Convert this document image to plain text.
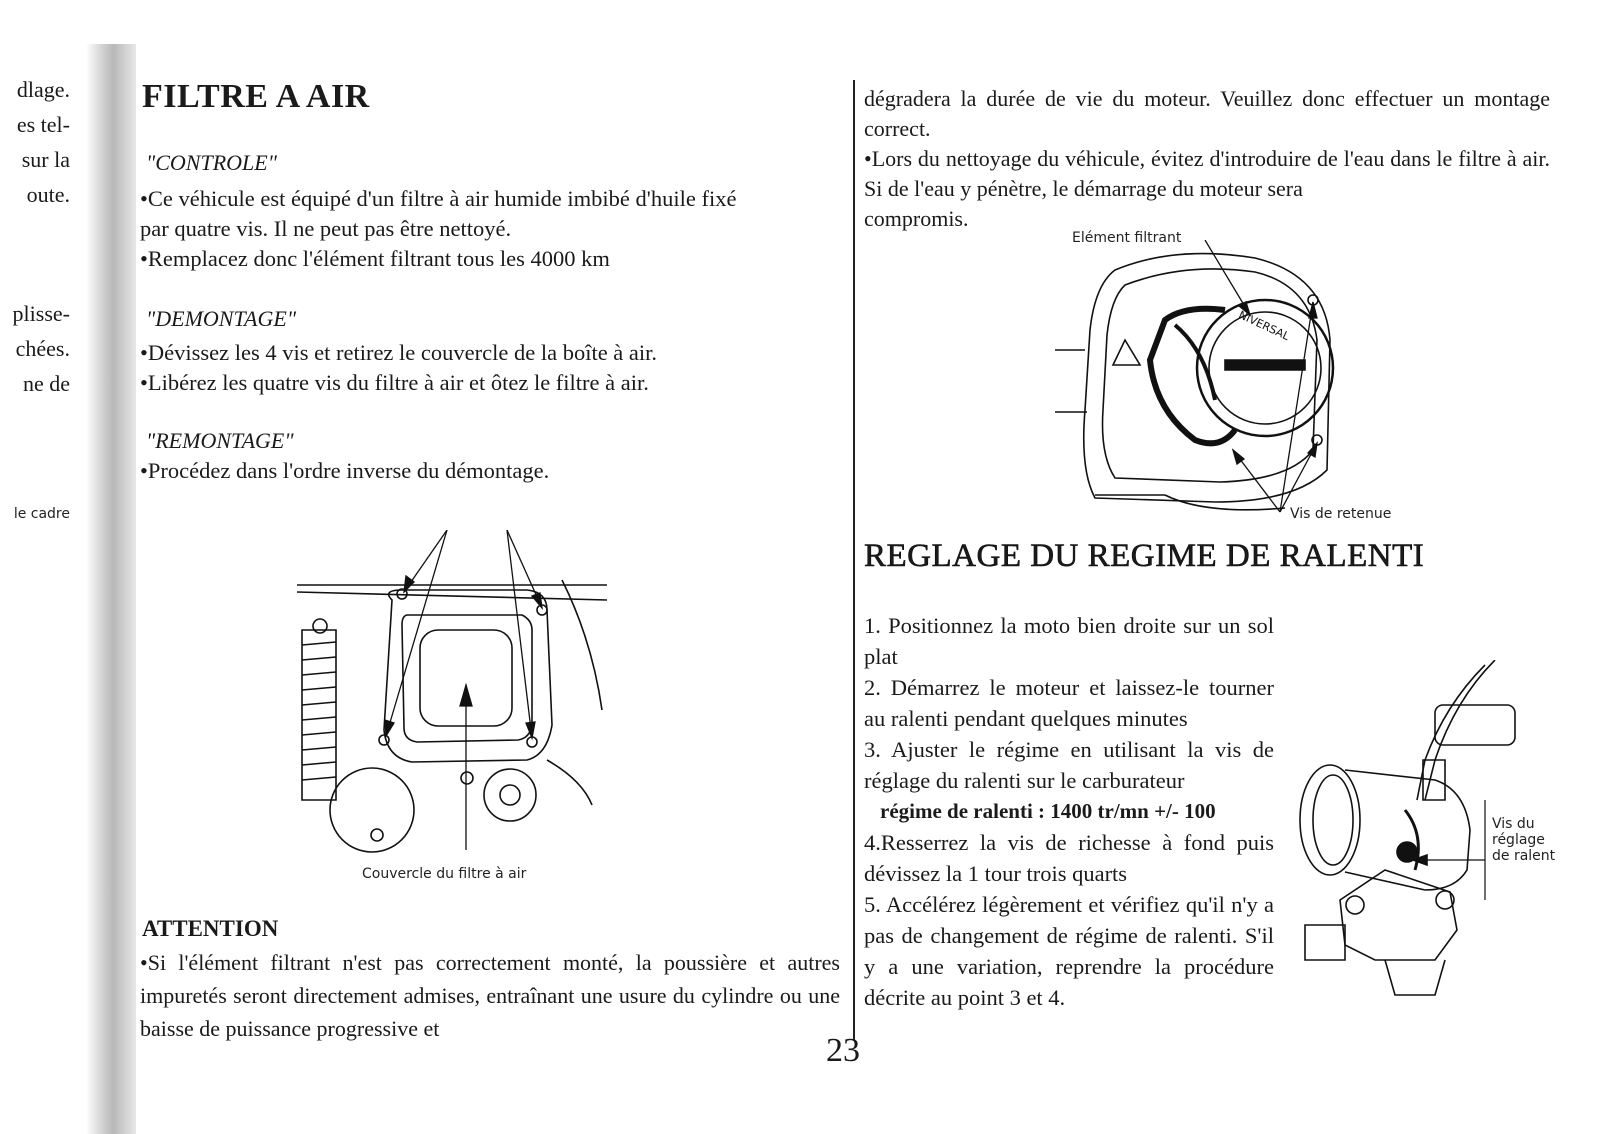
dlage.
es tel-
sur la
oute.
plisse-
chées.
ne de
le cadre
FILTRE A AIR
"CONTROLE"
•Ce véhicule est équipé d'un filtre à air humide imbibé d'huile fixé
par quatre vis. Il ne peut pas être nettoyé.
•Remplacez donc l'élément filtrant tous les 4000 km
"DEMONTAGE"
•Dévissez les 4 vis et retirez le couvercle de la boîte à air.
•Libérez les quatre vis du filtre à air et ôtez le filtre à air.
"REMONTAGE"
•Procédez dans l'ordre inverse du démontage.
Couvercle du filtre à air
ATTENTION
•Si l'élément filtrant n'est pas correctement monté, la poussière et autres impuretés seront directement admises, entraînant une usure du cylindre ou une baisse de puissance progressive et
23
dégradera la durée de vie du moteur. Veuillez donc effectuer un montage correct.
•Lors du nettoyage du véhicule, évitez d'introduire de l'eau dans le filtre à air. Si de l'eau y pénètre, le démarrage du moteur sera
compromis.
NIVERSAL
Elément filtrant
Vis de retenue
REGLAGE DU REGIME DE RALENTI
1. Positionnez la moto bien droite sur un sol plat
2. Démarrez le moteur et laissez-le tourner au ralenti pendant quelques minutes
3. Ajuster le régime en utilisant la vis de réglage du ralenti sur le carburateur
régime de ralenti : 1400 tr/mn +/- 100
4.Resserrez la vis de richesse à fond puis dévissez la 1 tour trois quarts
5. Accélérez légèrement et vérifiez qu'il n'y a pas de changement de régime de ralenti. S'il y a une variation, reprendre la procédure décrite au point 3 et 4.
Vis du
réglage
de ralent
